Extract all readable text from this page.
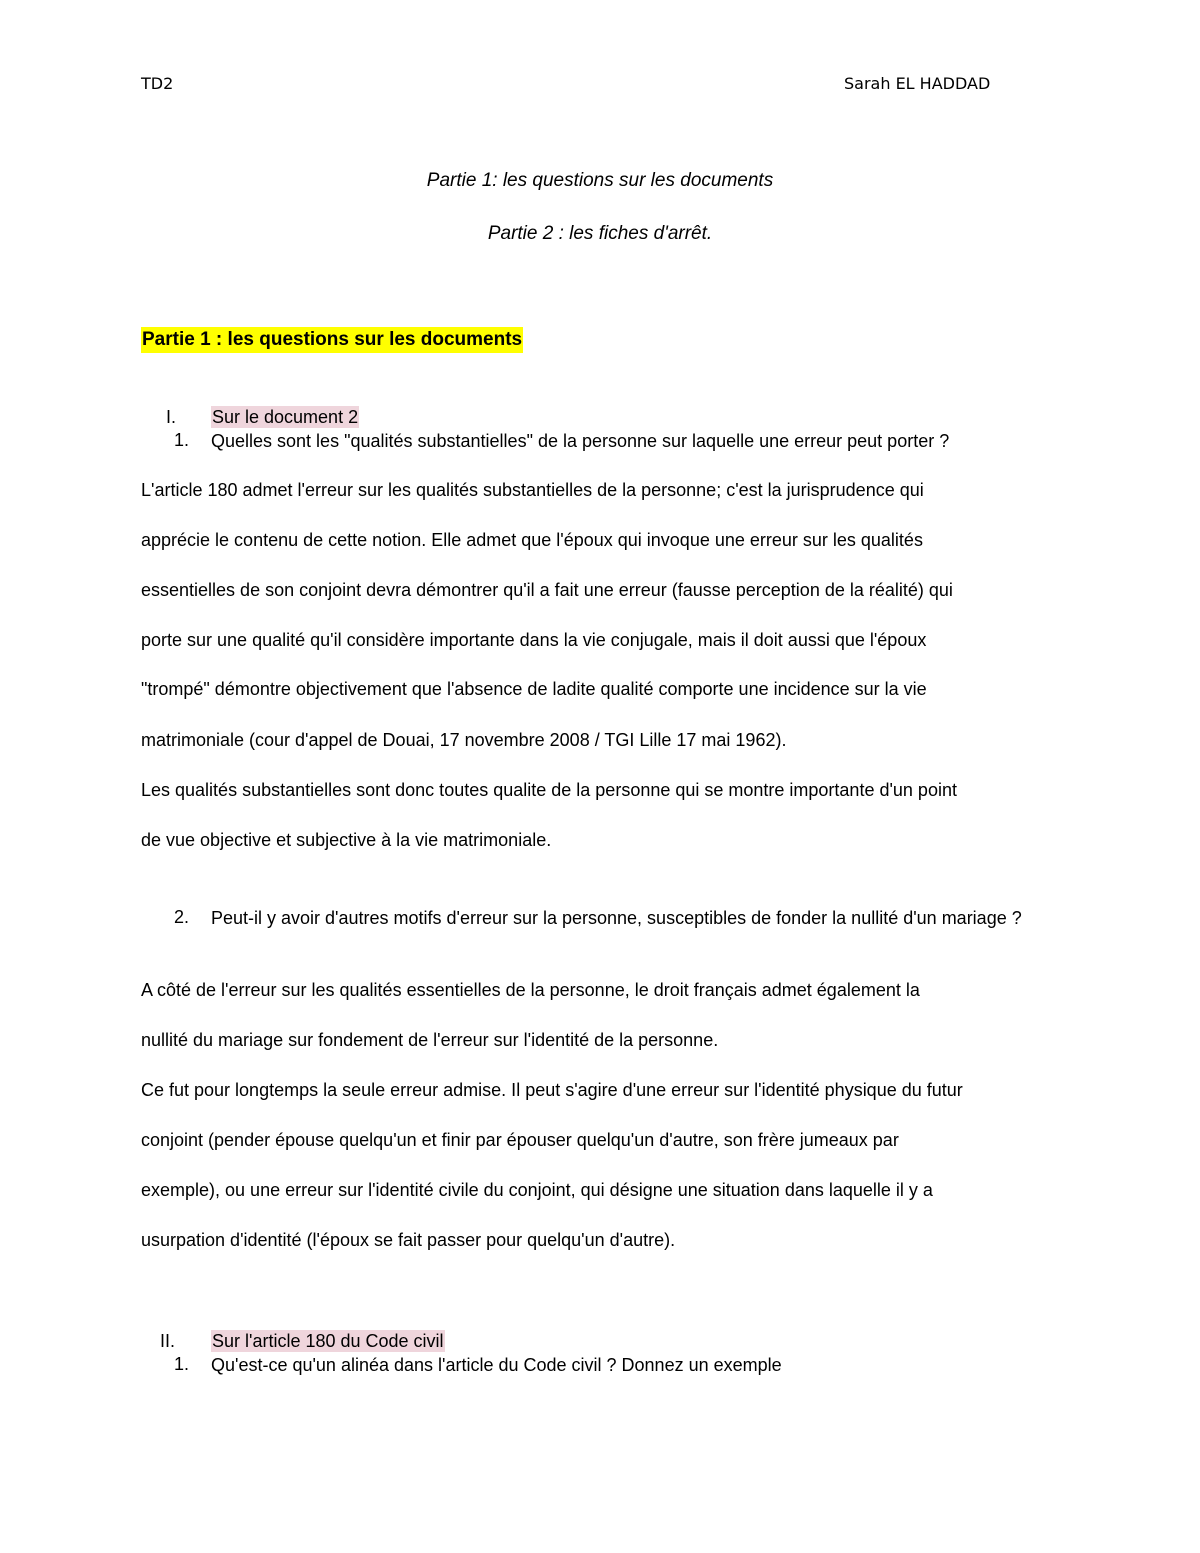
TD2	Sarah EL HADDAD
Partie 1: les questions sur les documents
Partie 2 : les fiches d'arrêt.
Partie 1 : les questions sur les documents
I. Sur le document 2
1. Quelles sont les "qualités substantielles" de la personne sur laquelle une erreur peut porter ?
L'article 180 admet l'erreur sur les qualités substantielles de la personne; c'est la jurisprudence qui
apprécie le contenu de cette notion. Elle admet que l'époux qui invoque une erreur sur les qualités
essentielles de son conjoint devra démontrer qu'il a fait une erreur (fausse perception de la réalité) qui
porte sur une qualité qu'il considère importante dans la vie conjugale, mais il doit aussi que l'époux
"trompé" démontre objectivement que l'absence de ladite qualité comporte une incidence sur la vie
matrimoniale (cour d'appel de Douai, 17 novembre 2008 / TGI Lille 17 mai 1962).
Les qualités substantielles sont donc toutes qualite de la personne qui se montre importante d'un point
de vue objective et subjective à la vie matrimoniale.
2. Peut-il y avoir d'autres motifs d'erreur sur la personne, susceptibles de fonder la nullité d'un mariage ?
A côté de l'erreur sur les qualités essentielles de la personne, le droit français admet également la
nullité du mariage sur fondement de l'erreur sur l'identité de la personne.
Ce fut pour longtemps la seule erreur admise. Il peut s'agire d'une erreur sur l'identité physique du futur
conjoint (pender épouse quelqu'un et finir par épouser quelqu'un d'autre, son frère jumeaux par
exemple), ou une erreur sur l'identité civile du conjoint, qui désigne une situation dans laquelle il y a
usurpation d'identité (l'époux se fait passer pour quelqu'un d'autre).
II. Sur l'article 180 du Code civil
1. Qu'est-ce qu'un alinéa dans l'article du Code civil ? Donnez un exemple
